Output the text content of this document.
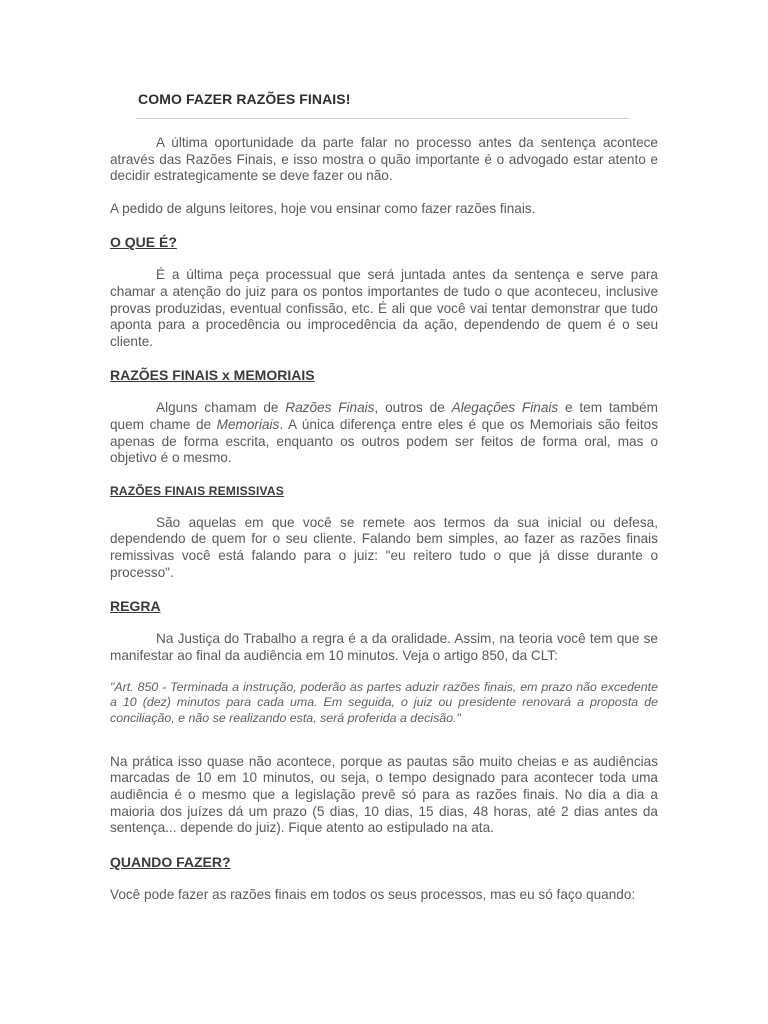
COMO FAZER RAZÕES FINAIS!

A última oportunidade da parte falar no processo antes da sentença acontece através das Razões Finais, e isso mostra o quão importante é o advogado estar atento e decidir estrategicamente se deve fazer ou não.

A pedido de alguns leitores, hoje vou ensinar como fazer razões finais.

O QUE É?

É a última peça processual que será juntada antes da sentença e serve para chamar a atenção do juiz para os pontos importantes de tudo o que aconteceu, inclusive provas produzidas, eventual confissão, etc. É ali que você vai tentar demonstrar que tudo aponta para a procedência ou improcedência da ação, dependendo de quem é o seu cliente.

RAZÕES FINAIS x MEMORIAIS

Alguns chamam de Razões Finais, outros de Alegações Finais e tem também quem chame de Memoriais. A única diferença entre eles é que os Memoriais são feitos apenas de forma escrita, enquanto os outros podem ser feitos de forma oral, mas o objetivo é o mesmo.

RAZÕES FINAIS REMISSIVAS

São aquelas em que você se remete aos termos da sua inicial ou defesa, dependendo de quem for o seu cliente. Falando bem simples, ao fazer as razões finais remissivas você está falando para o juiz: "eu reitero tudo o que já disse durante o processo".

REGRA

Na Justiça do Trabalho a regra é a da oralidade. Assim, na teoria você tem que se manifestar ao final da audiência em 10 minutos. Veja o artigo 850, da CLT:

"Art. 850 - Terminada a instrução, poderão as partes aduzir razões finais, em prazo não excedente a 10 (dez) minutos para cada uma. Em seguida, o juiz ou presidente renovará a proposta de conciliação, e não se realizando esta, será proferida a decisão."

Na prática isso quase não acontece, porque as pautas são muito cheias e as audiências marcadas de 10 em 10 minutos, ou seja, o tempo designado para acontecer toda uma audiência é o mesmo que a legislação prevê só para as razões finais. No dia a dia a maioria dos juízes dá um prazo (5 dias, 10 dias, 15 dias, 48 horas, até 2 dias antes da sentença... depende do juiz). Fique atento ao estipulado na ata.

QUANDO FAZER?

Você pode fazer as razões finais em todos os seus processos, mas eu só faço quando:
